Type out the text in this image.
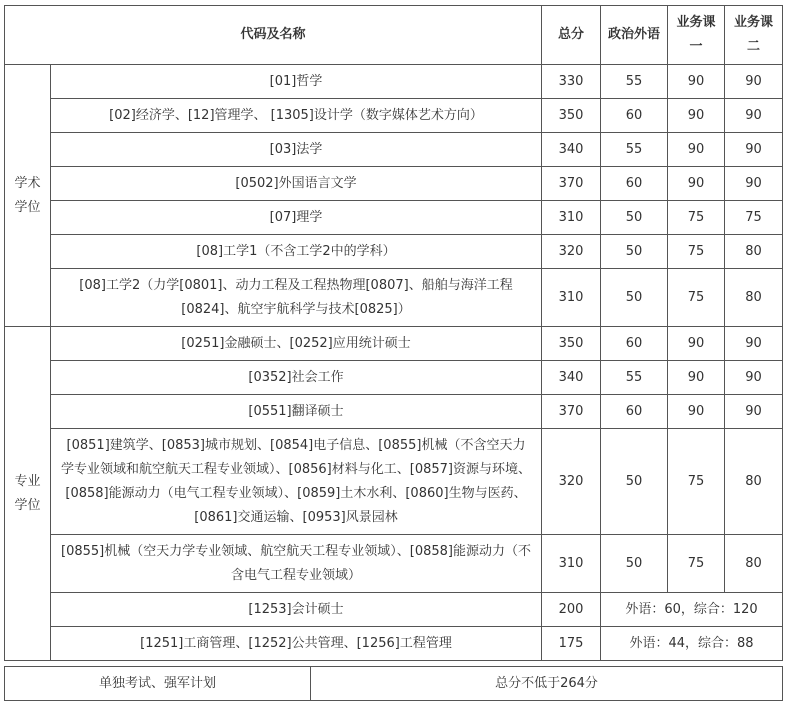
代码及名称		总分	政治外语	业务课一	业务课二
学术学位	[01]哲学	330	55	90	90
	[02]经济学、[12]管理学、 [1305]设计学（数字媒体艺术方向）	350	60	90	90
	[03]法学	340	55	90	90
	[0502]外国语言文学	370	60	90	90
	[07]理学	310	50	75	75
	[08]工学1（不含工学2中的学科）	320	50	75	80
	[08]工学2（力学[0801]、动力工程及工程热物理[0807]、船舶与海洋工程[0824]、航空宇航科学与技术[0825]）	310	50	75	80
专业学位	[0251]金融硕士、[0252]应用统计硕士	350	60	90	90
	[0352]社会工作	340	55	90	90
	[0551]翻译硕士	370	60	90	90
	[0851]建筑学、[0853]城市规划、[0854]电子信息、[0855]机械（不含空天力学专业领域和航空航天工程专业领域）、[0856]材料与化工、[0857]资源与环境、[0858]能源动力（电气工程专业领域）、[0859]土木水利、[0860]生物与医药、[0861]交通运输、[0953]风景园林	320	50	75	80
	[0855]机械（空天力学专业领域、航空航天工程专业领域）、[0858]能源动力（不含电气工程专业领域）	310	50	75	80
	[1253]会计硕士	200	外语：60，综合：120		
	[1251]工商管理、[1252]公共管理、[1256]工程管理	175	外语：44，综合：88		
单独考试、强军计划	总分不低于264分
